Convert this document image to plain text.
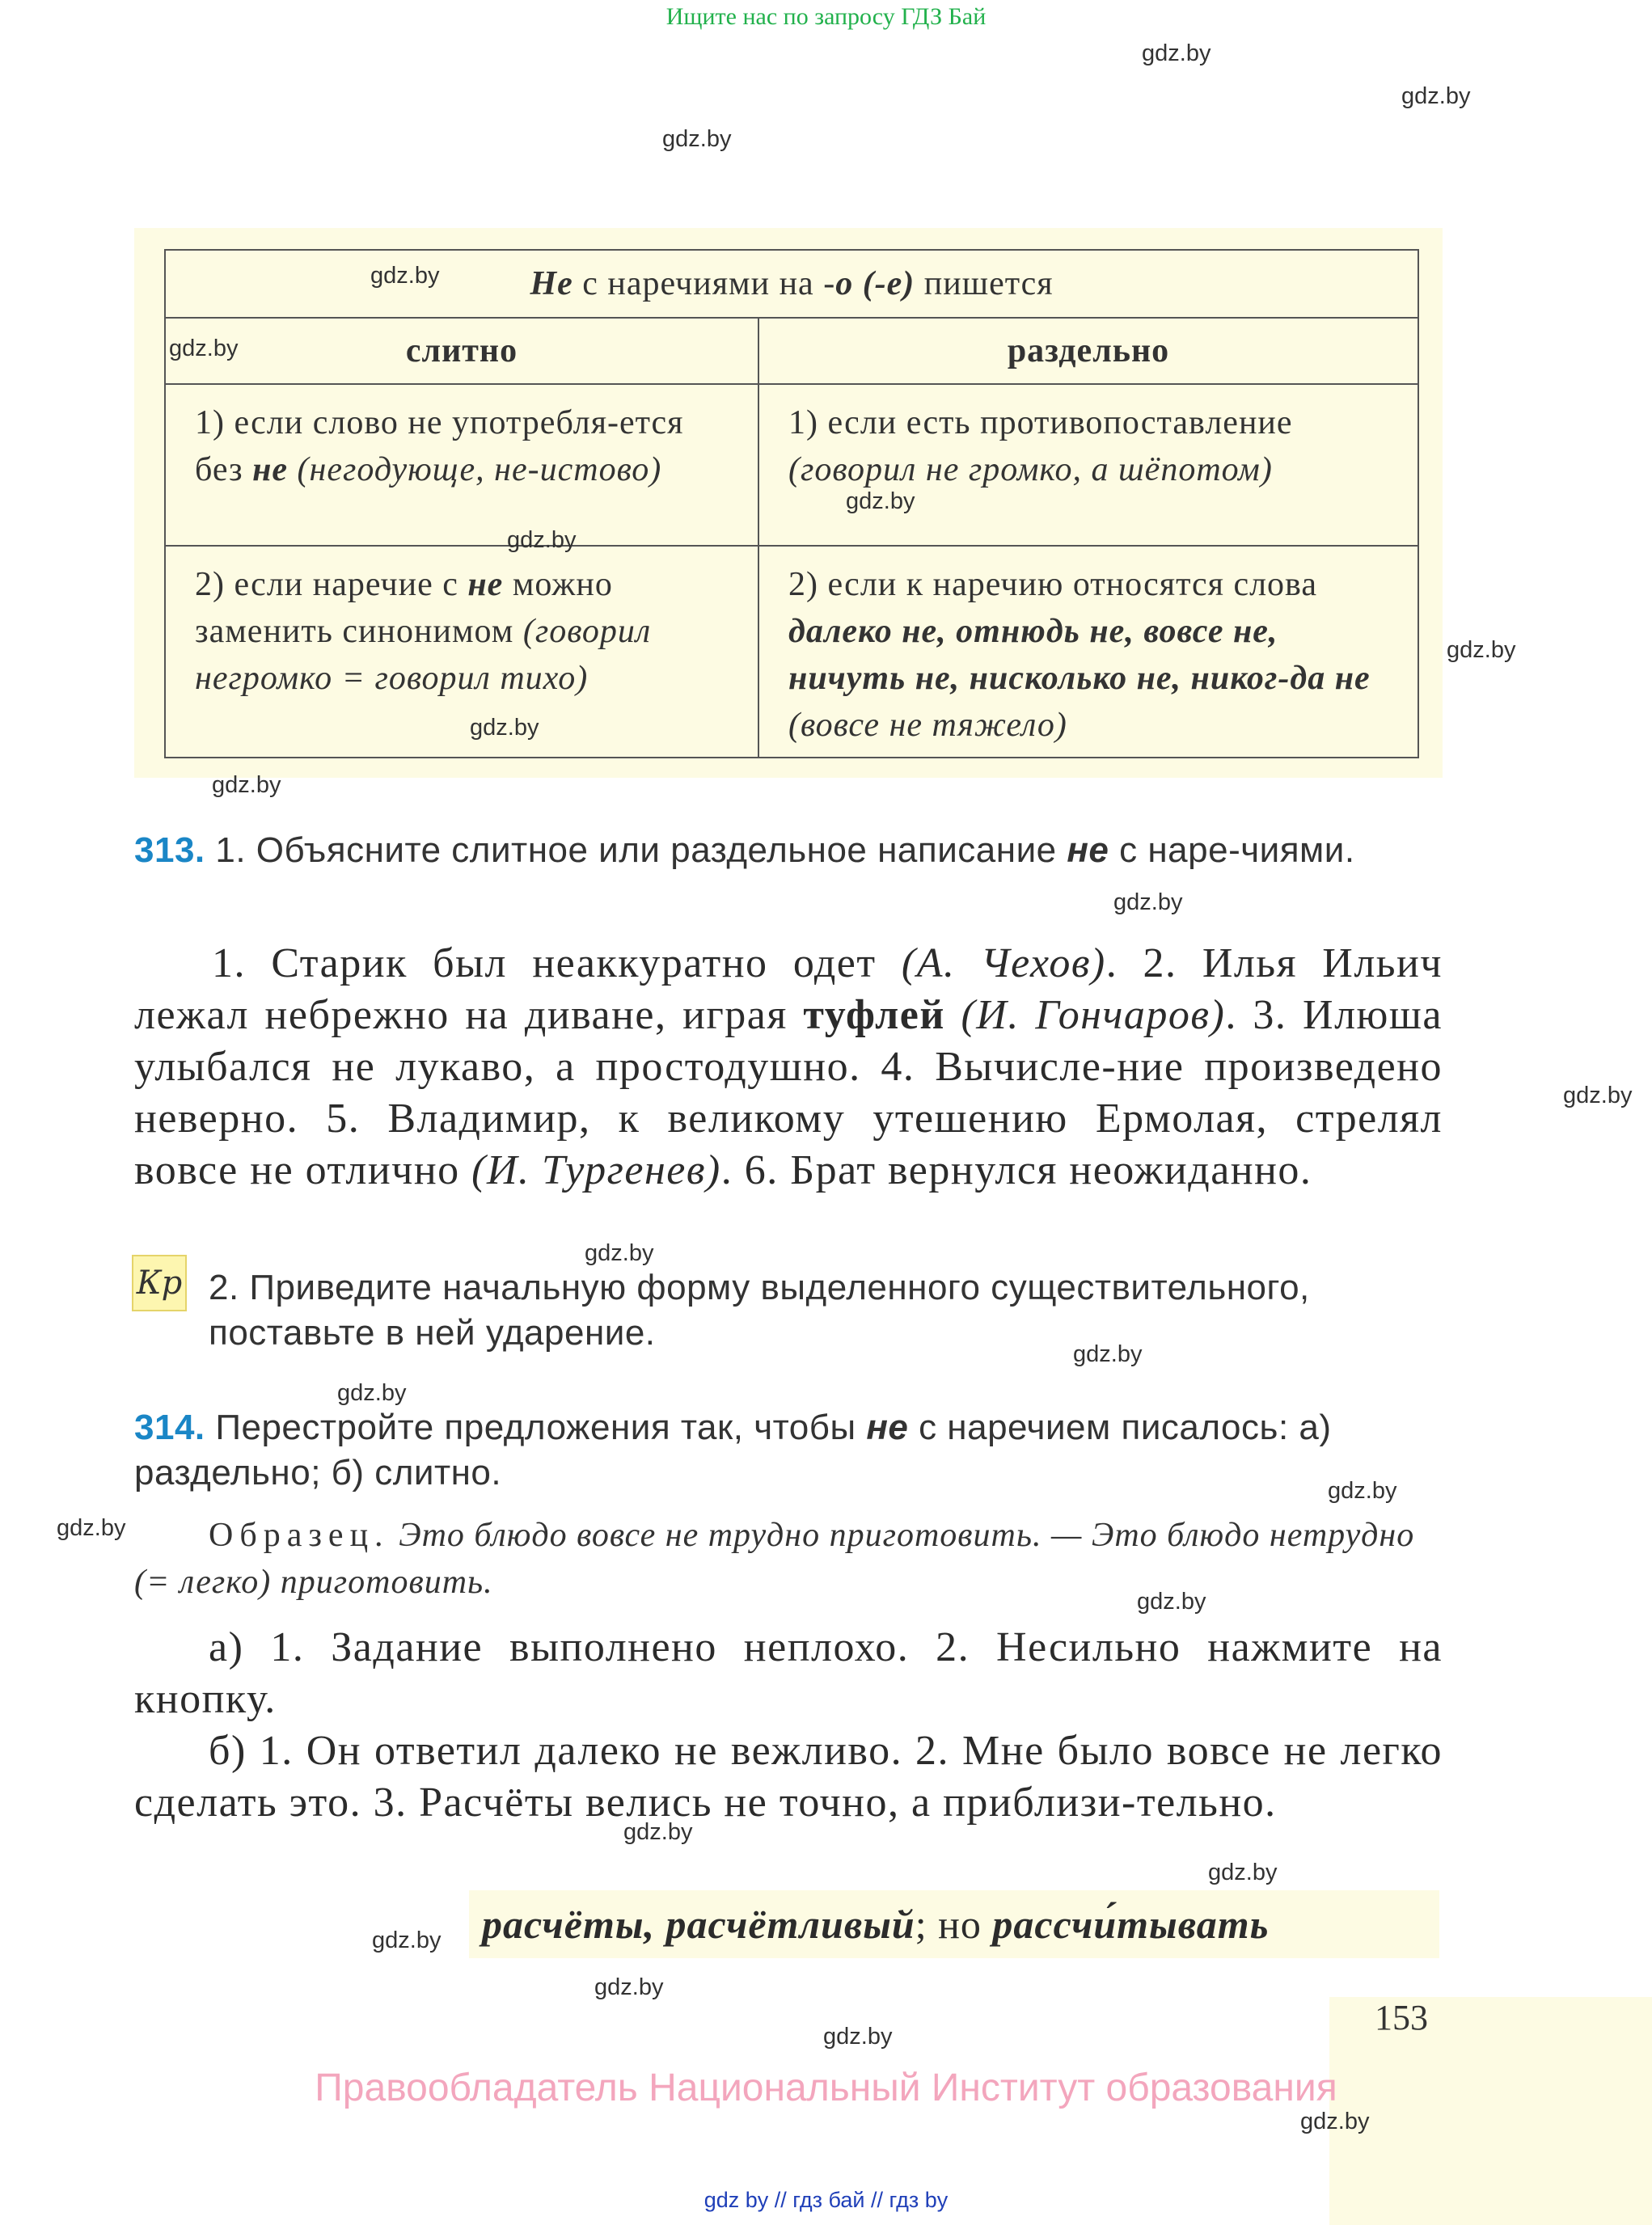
Ищите нас по запросу ГДЗ Бай
gdz.by
gdz.by
gdz.by
Не с наречиями на -о (-е) пишется	
слитно	раздельно
1) если слово не употребля-ется без не (негодующе, не-истово)	1) если есть противопоставление (говорил не громко, а шёпотом)
2) если наречие с не можно заменить синонимом (говорил негромко = говорил тихо)	2) если к наречию относятся слова далеко не, отнюдь не, вовсе не, ничуть не, нисколько не, никог-да не (вовсе не тяжело)
gdz.by
gdz.by
gdz.by
gdz.by
gdz.by
gdz.by
gdz.by
313. 1. Объясните слитное или раздельное написание не с наре-чиями.
gdz.by
1. Старик был неаккуратно одет (А. Чехов). 2. Илья Ильич лежал небрежно на диване, играя туфлей (И. Гончаров). 3. Илюша улыбался не лукаво, а простодушно. 4. Вычисле-ние произведено неверно. 5. Владимир, к великому утешению Ермолая, стрелял вовсе не отлично (И. Тургенев). 6. Брат вернулся неожиданно.
gdz.by
gdz.by
Кр 2. Приведите начальную форму выделенного существительного, поставьте в ней ударение.
gdz.by
gdz.by
314. Перестройте предложения так, чтобы не с наречием писалось: а) раздельно; б) слитно.	gdz.by
gdz.by	Образец. Это блюдо вовсе не трудно приготовить. — Это блюдо нетрудно (= легко) приготовить.
gdz.by
а) 1. Задание выполнено неплохо. 2. Несильно нажмите на кнопку.
б) 1. Он ответил далеко не вежливо. 2. Мне было вовсе не легко сделать это. 3. Расчёты велись не точно, а приблизи-тельно.
gdz.by
gdz.by
расчёты, расчётливый; но рассчи́тывать
gdz.by
gdz.by
gdz.by	153
Правообладатель Национальный Институт образования
gdz.by
gdz by // гдз бай // гдз by
